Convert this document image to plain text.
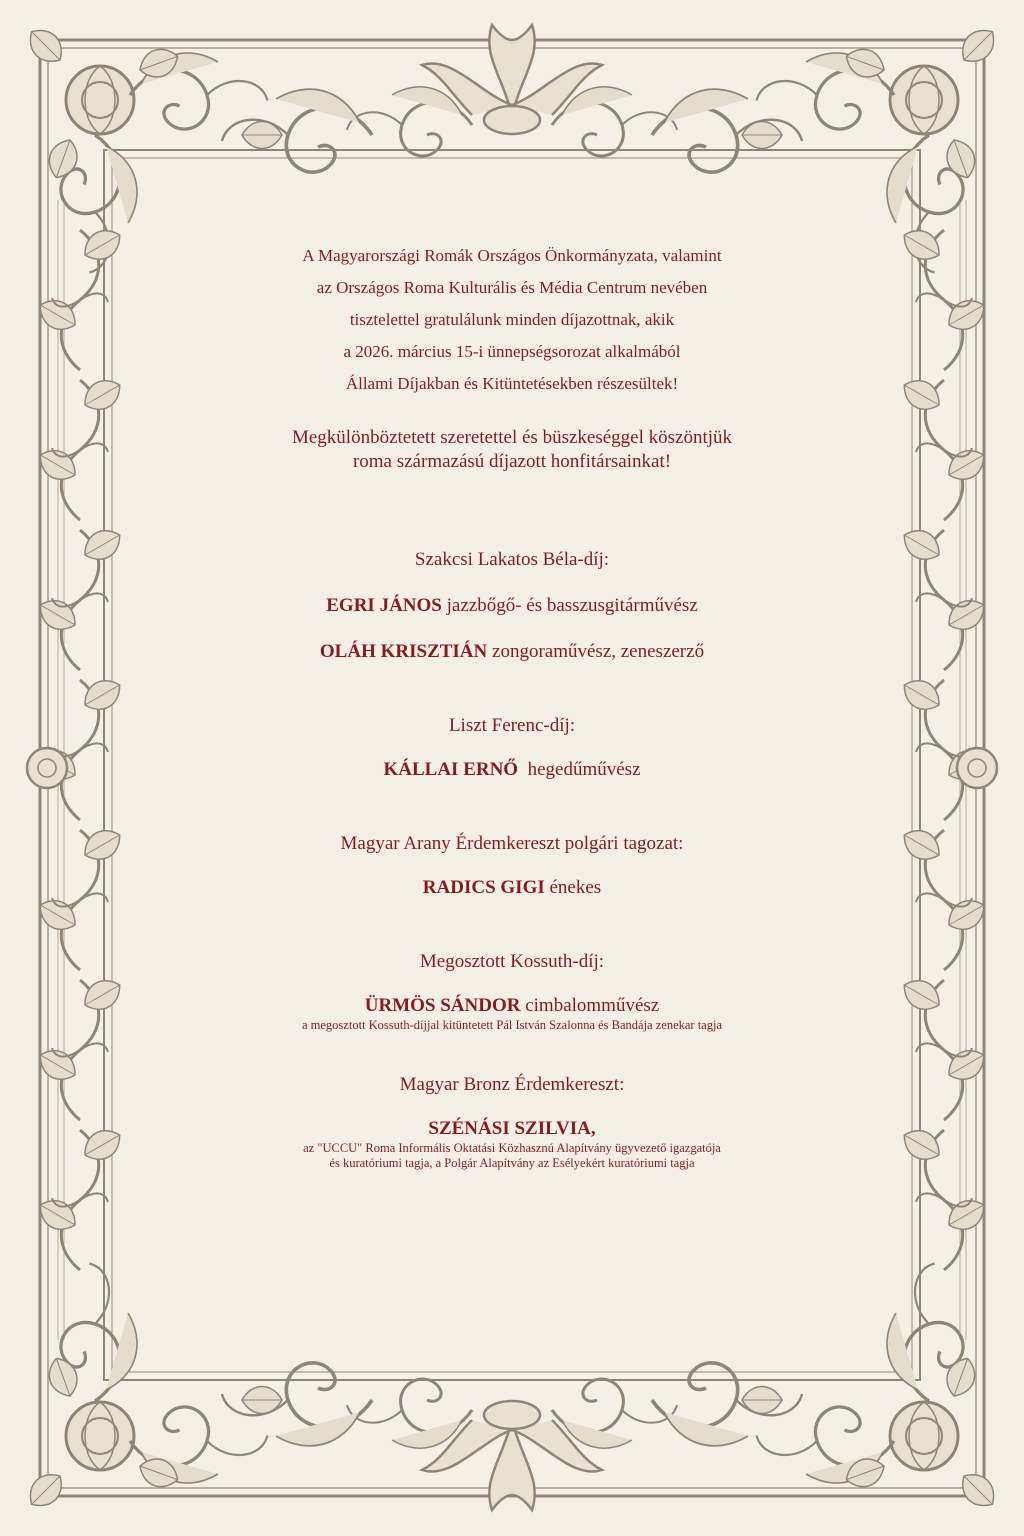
A Magyarországi Romák Országos Önkormányzata, valamint

az Országos Roma Kulturális és Média Centrum nevében

tisztelettel gratulálunk minden díjazottnak, akik

a 2026. március 15-i ünnepségsorozat alkalmából

Állami Díjakban és Kitüntetésekben részesültek!

Megkülönböztetett szeretettel és büszkeséggel köszöntjük

roma származású díjazott honfitársainkat!

Szakcsi Lakatos Béla-díj:

EGRI JÁNOS jazzbőgő- és basszusgitárművész

OLÁH KRISZTIÁN zongoraművész, zeneszerző

Liszt Ferenc-díj:

KÁLLAI ERNŐ  hegedűművész

Magyar Arany Érdemkereszt polgári tagozat:

RADICS GIGI énekes

Megosztott Kossuth-díj:

ÜRMÖS SÁNDOR cimbalomművész

a megosztott Kossuth-díjjal kitüntetett Pál István Szalonna és Bandája zenekar tagja

Magyar Bronz Érdemkereszt:

SZÉNÁSI SZILVIA,

az "UCCU" Roma Informális Oktatási Közhasznú Alapítvány ügyvezető igazgatója

és kuratóriumi tagja, a Polgár Alapítvány az Esélyekért kuratóriumi tagja
